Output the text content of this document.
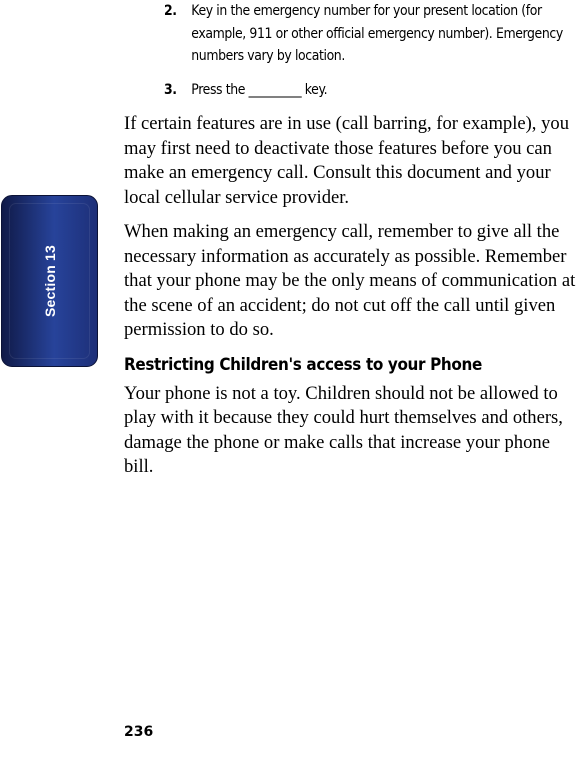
Section 13
2. Key in the emergency number for your present location (for example, 911 or other official emergency number). Emergency numbers vary by location.
3. Press the _________ key.

If certain features are in use (call barring, for example), you may first need to deactivate those features before you can make an emergency call. Consult this document and your local cellular service provider.

When making an emergency call, remember to give all the necessary information as accurately as possible. Remember that your phone may be the only means of communication at the scene of an accident; do not cut off the call until given permission to do so.

Restricting Children's access to your Phone

Your phone is not a toy. Children should not be allowed to play with it because they could hurt themselves and others, damage the phone or make calls that increase your phone bill.

236
